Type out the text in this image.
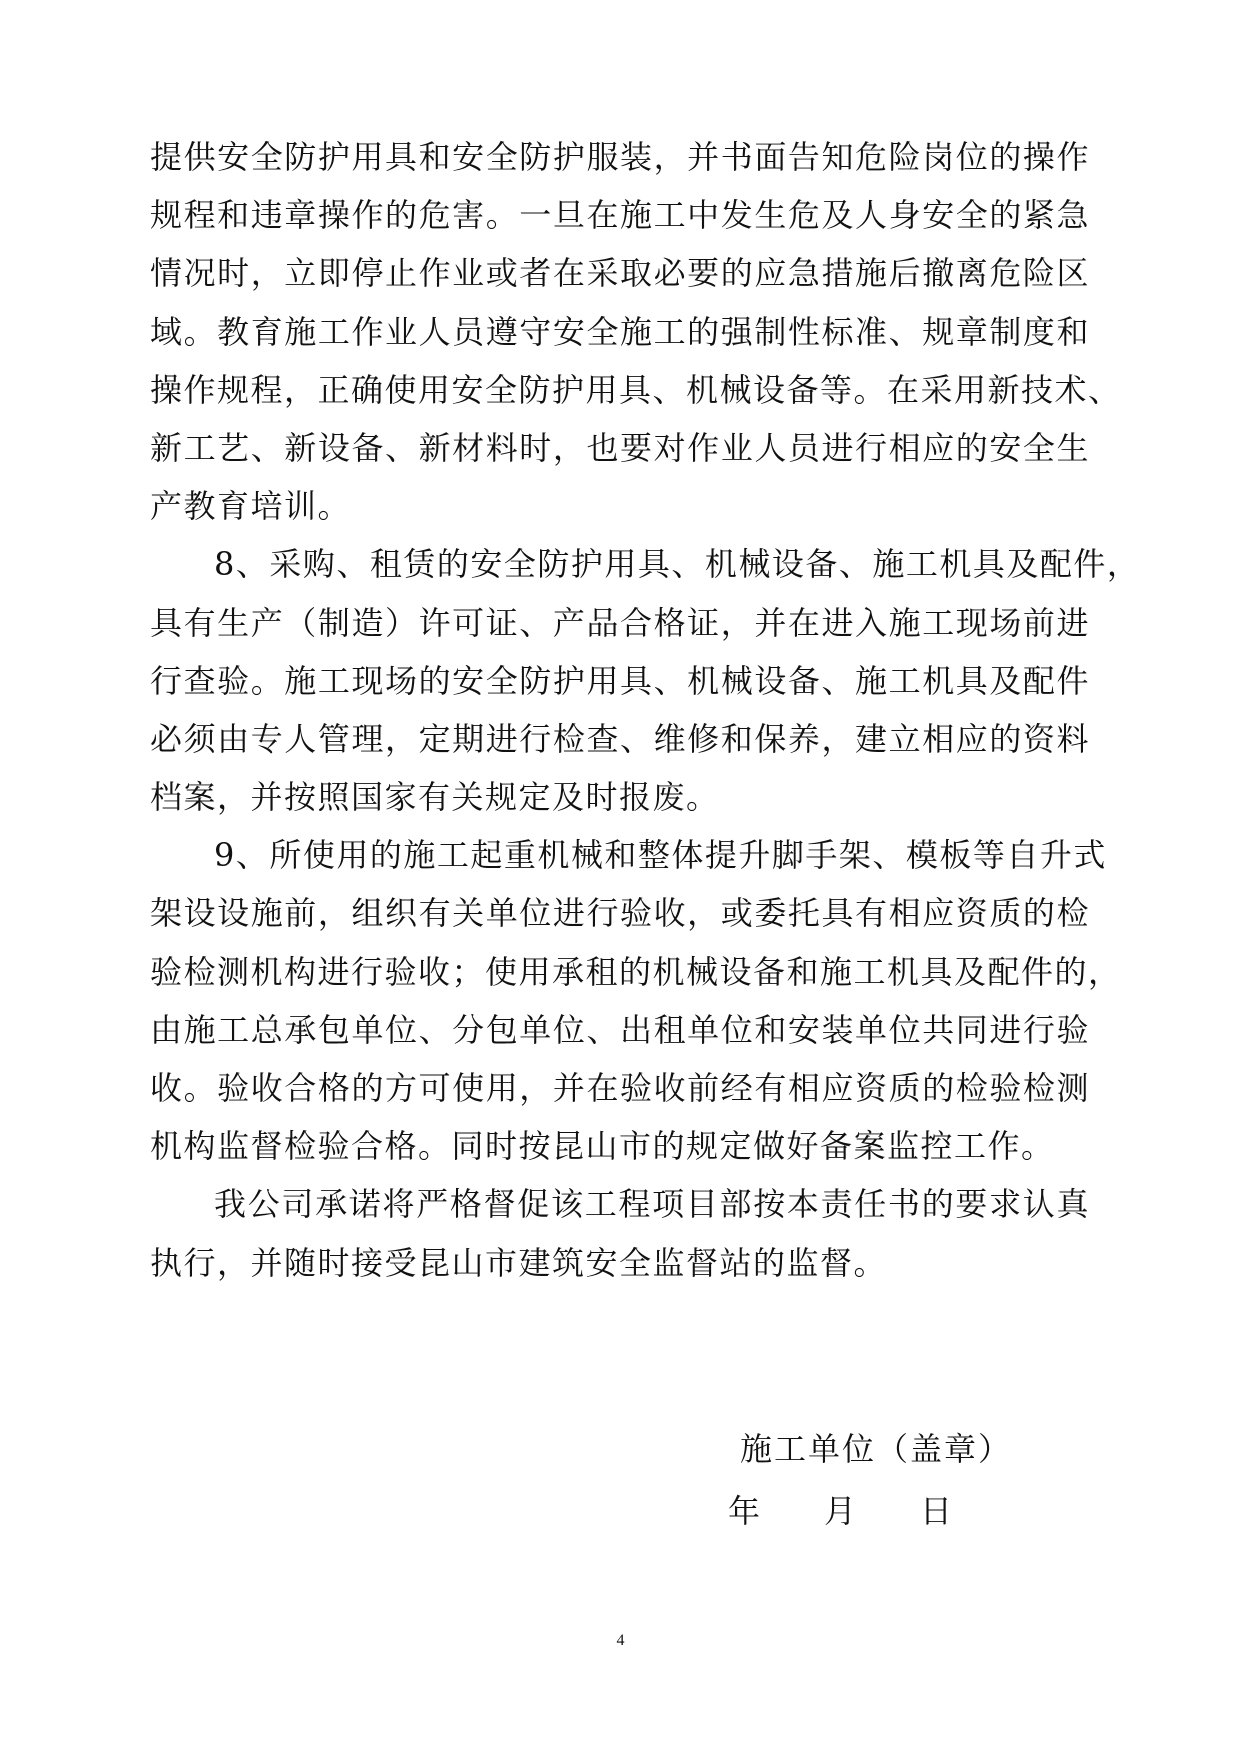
提供安全防护用具和安全防护服装，并书面告知危险岗位的操作
规程和违章操作的危害。一旦在施工中发生危及人身安全的紧急
情况时，立即停止作业或者在采取必要的应急措施后撤离危险区
域。教育施工作业人员遵守安全施工的强制性标准、规章制度和
操作规程，正确使用安全防护用具、机械设备等。在采用新技术、
新工艺、新设备、新材料时，也要对作业人员进行相应的安全生
产教育培训。
8、采购、租赁的安全防护用具、机械设备、施工机具及配件，
具有生产（制造）许可证、产品合格证，并在进入施工现场前进
行查验。施工现场的安全防护用具、机械设备、施工机具及配件
必须由专人管理，定期进行检查、维修和保养，建立相应的资料
档案，并按照国家有关规定及时报废。
9、所使用的施工起重机械和整体提升脚手架、模板等自升式
架设设施前，组织有关单位进行验收，或委托具有相应资质的检
验检测机构进行验收；使用承租的机械设备和施工机具及配件的，
由施工总承包单位、分包单位、出租单位和安装单位共同进行验
收。验收合格的方可使用，并在验收前经有相应资质的检验检测
机构监督检验合格。同时按昆山市的规定做好备案监控工作。
我公司承诺将严格督促该工程项目部按本责任书的要求认真
执行，并随时接受昆山市建筑安全监督站的监督。
施工单位（盖章）
年 月 日
4
